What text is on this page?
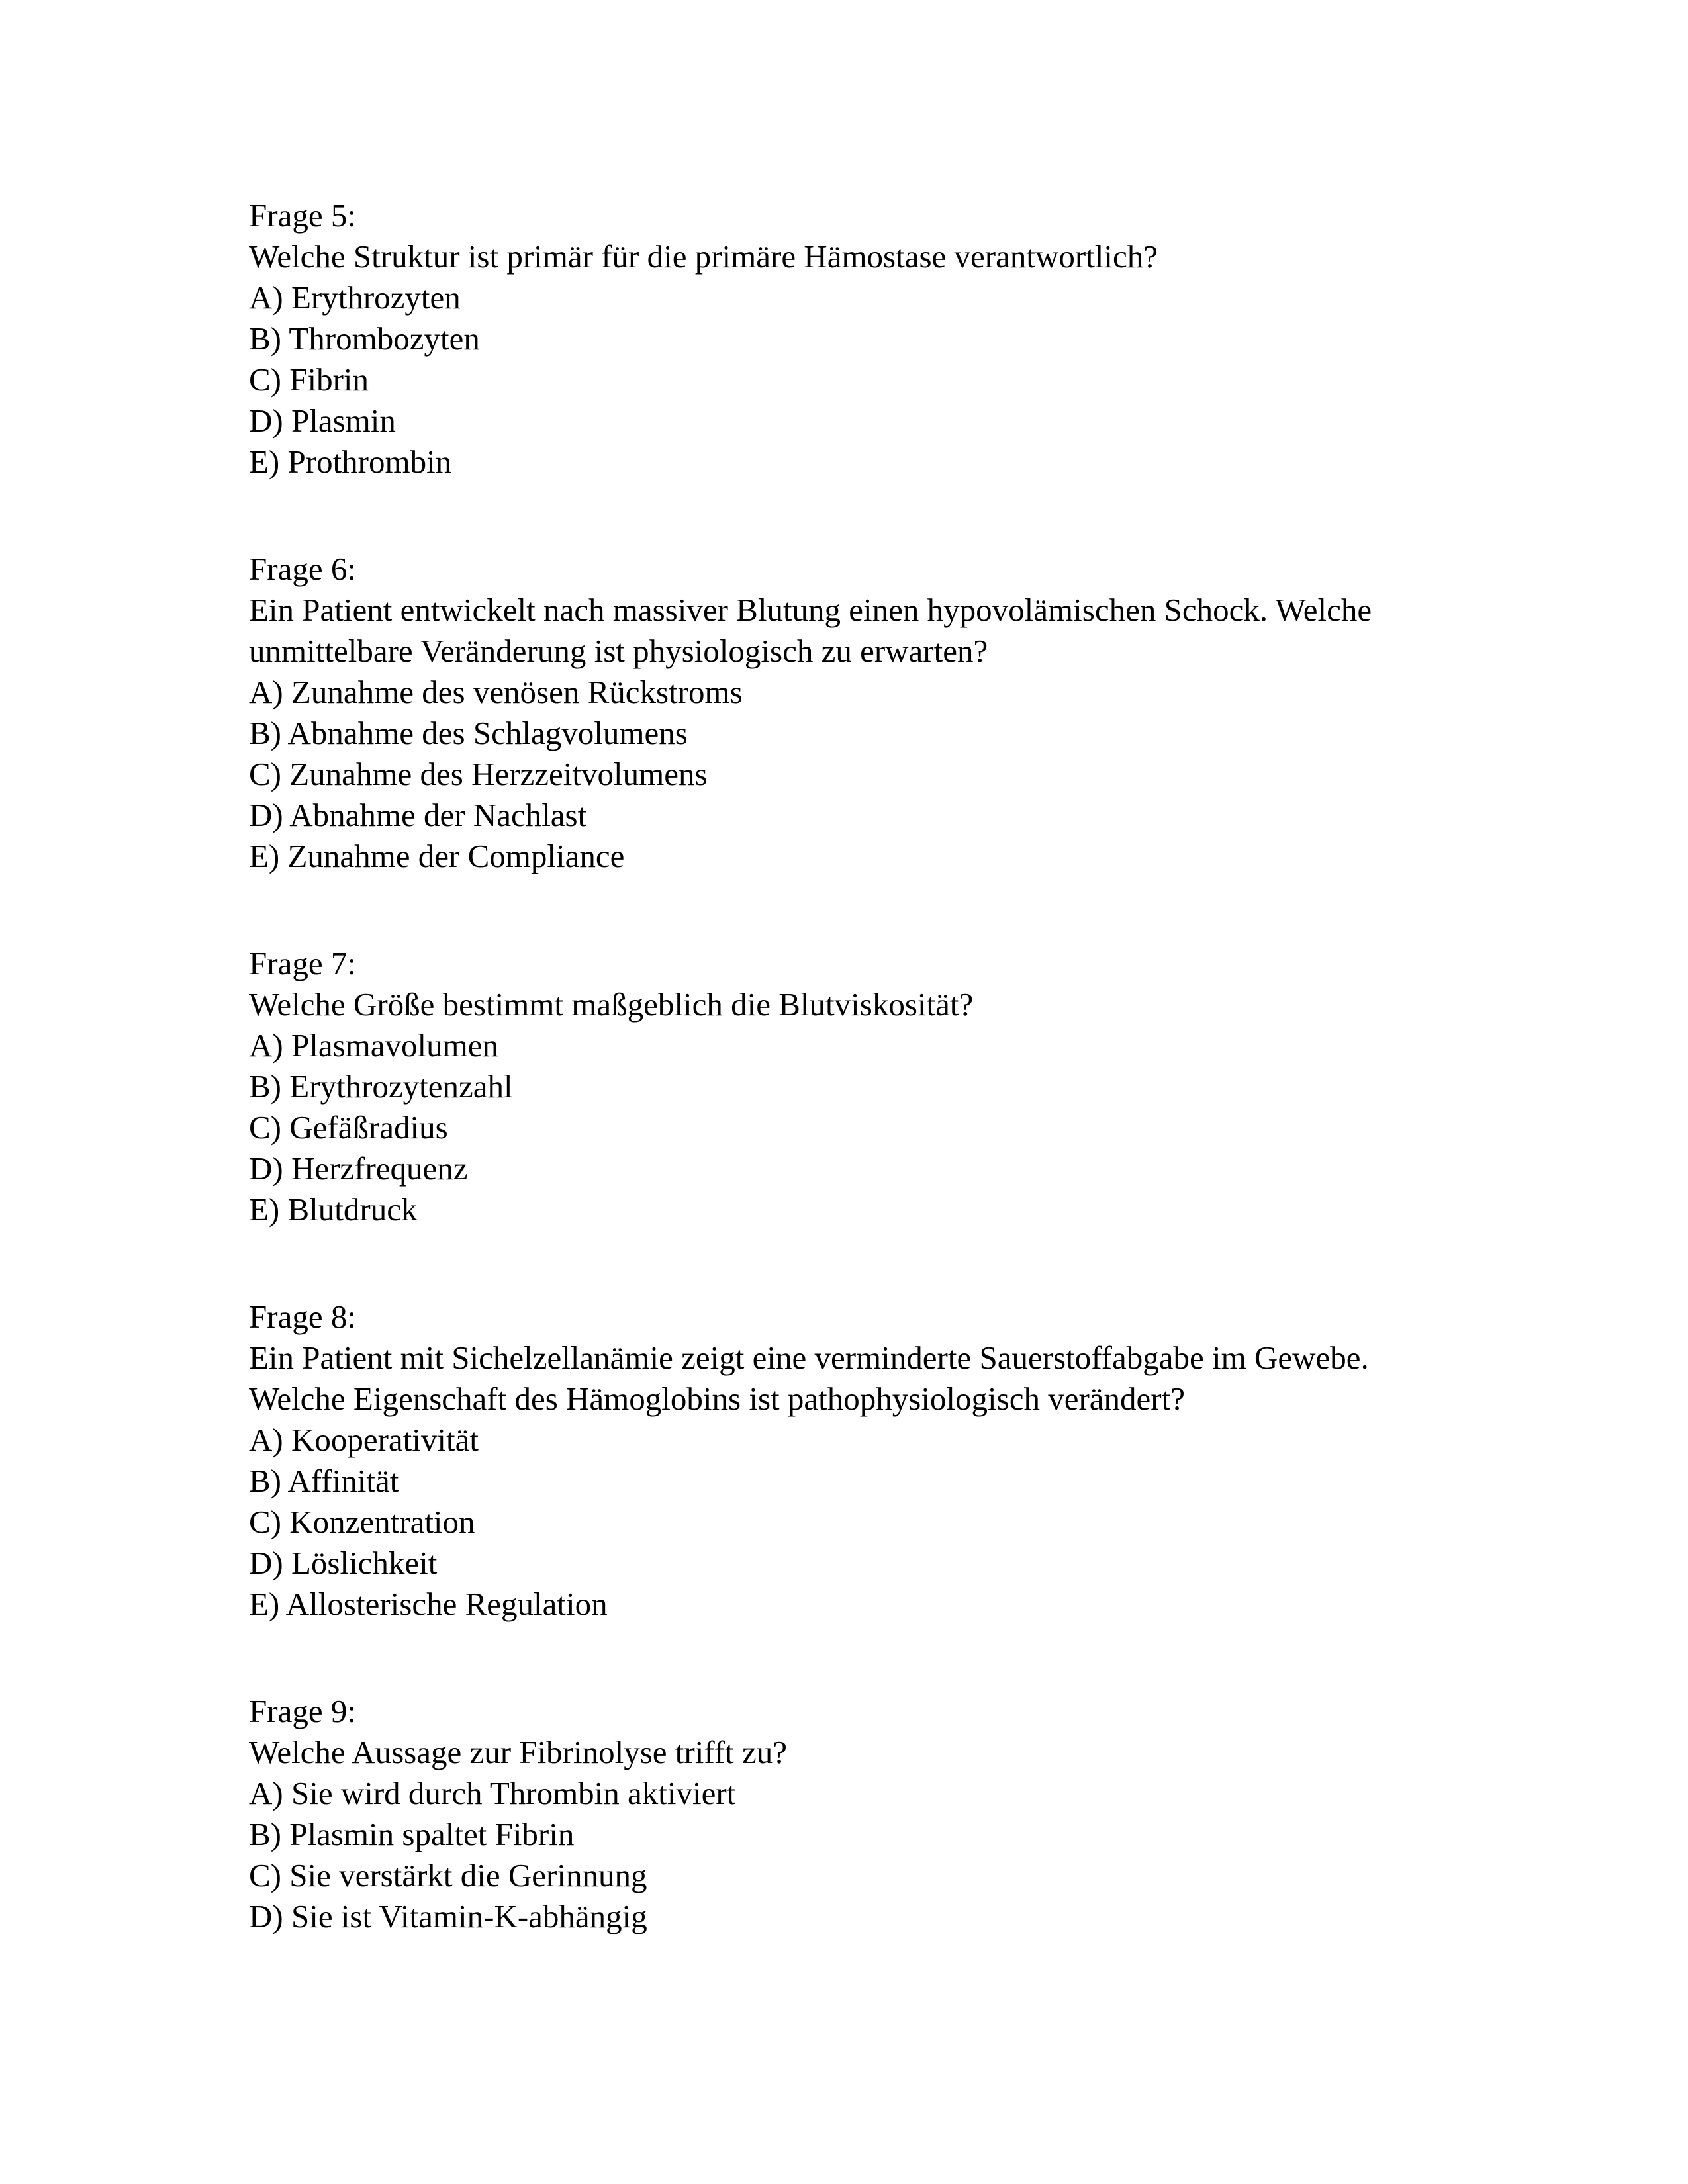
Frage 5:
Welche Struktur ist primär für die primäre Hämostase verantwortlich?
A) Erythrozyten
B) Thrombozyten
C) Fibrin
D) Plasmin
E) Prothrombin
Frage 6:
Ein Patient entwickelt nach massiver Blutung einen hypovolämischen Schock. Welche
unmittelbare Veränderung ist physiologisch zu erwarten?
A) Zunahme des venösen Rückstroms
B) Abnahme des Schlagvolumens
C) Zunahme des Herzzeitvolumens
D) Abnahme der Nachlast
E) Zunahme der Compliance
Frage 7:
Welche Größe bestimmt maßgeblich die Blutviskosität?
A) Plasmavolumen
B) Erythrozytenzahl
C) Gefäßradius
D) Herzfrequenz
E) Blutdruck
Frage 8:
Ein Patient mit Sichelzellanämie zeigt eine verminderte Sauerstoffabgabe im Gewebe.
Welche Eigenschaft des Hämoglobins ist pathophysiologisch verändert?
A) Kooperativität
B) Affinität
C) Konzentration
D) Löslichkeit
E) Allosterische Regulation
Frage 9:
Welche Aussage zur Fibrinolyse trifft zu?
A) Sie wird durch Thrombin aktiviert
B) Plasmin spaltet Fibrin
C) Sie verstärkt die Gerinnung
D) Sie ist Vitamin-K-abhängig
